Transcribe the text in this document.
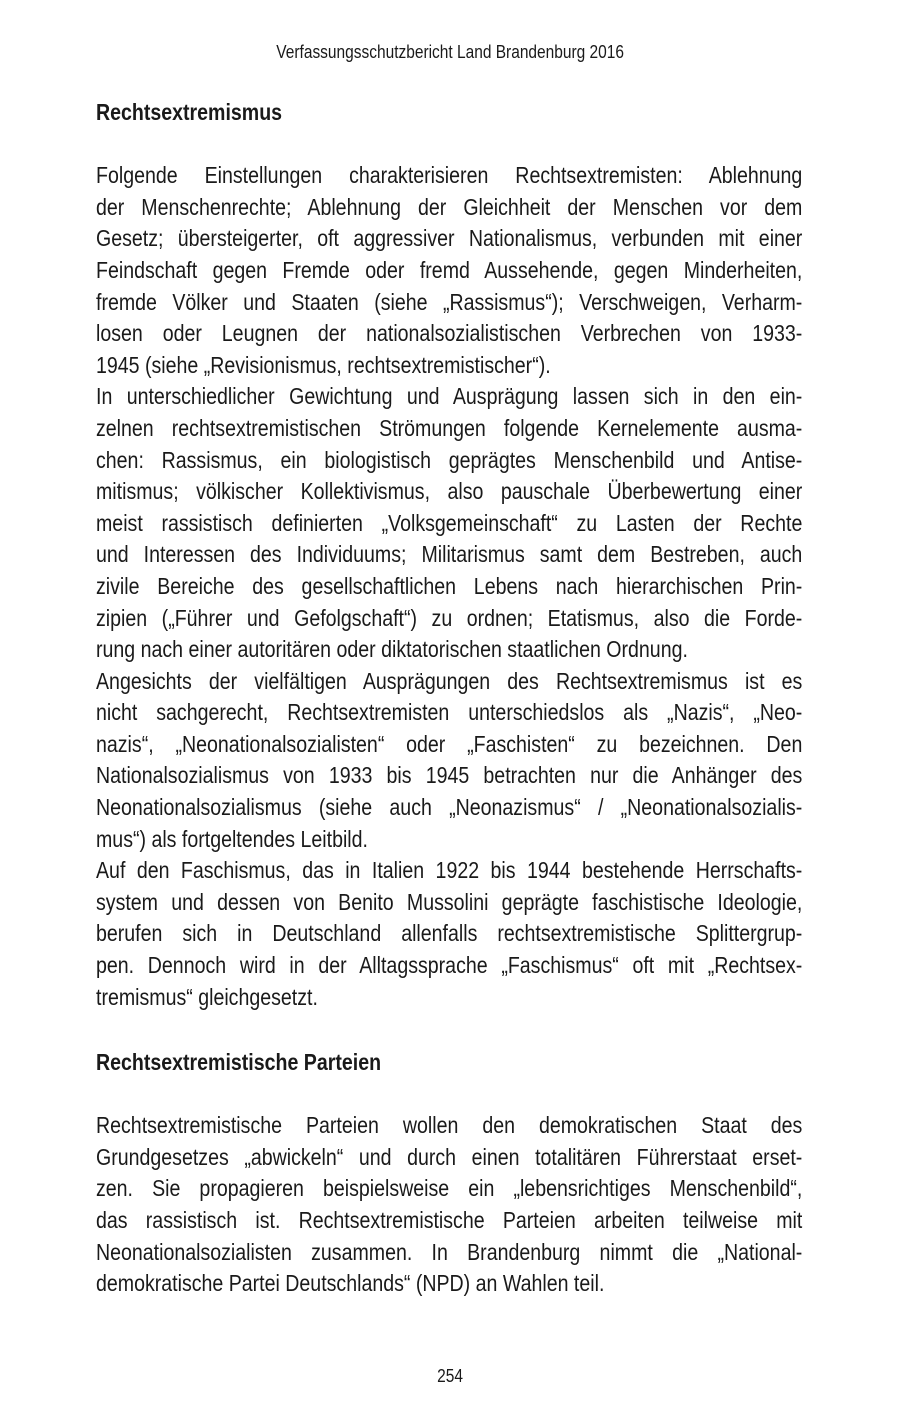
Verfassungsschutzbericht Land Brandenburg 2016
Rechtsextremismus
Folgende Einstellungen charakterisieren Rechtsextremisten: Ablehnung
der Menschenrechte; Ablehnung der Gleichheit der Menschen vor dem
Gesetz; übersteigerter, oft aggressiver Nationalismus, verbunden mit einer
Feindschaft gegen Fremde oder fremd Aussehende, gegen Minderheiten,
fremde Völker und Staaten (siehe „Rassismus“); Verschweigen, Verharm-
losen oder Leugnen der nationalsozialistischen Verbrechen von 1933-
1945 (siehe „Revisionismus, rechtsextremistischer“).
In unterschiedlicher Gewichtung und Ausprägung lassen sich in den ein-
zelnen rechtsextremistischen Strömungen folgende Kernelemente ausma-
chen: Rassismus, ein biologistisch geprägtes Menschenbild und Antise-
mitismus; völkischer Kollektivismus, also pauschale Überbewertung einer
meist rassistisch definierten „Volksgemeinschaft“ zu Lasten der Rechte
und Interessen des Individuums; Militarismus samt dem Bestreben, auch
zivile Bereiche des gesellschaftlichen Lebens nach hierarchischen Prin-
zipien („Führer und Gefolgschaft“) zu ordnen; Etatismus, also die Forde-
rung nach einer autoritären oder diktatorischen staatlichen Ordnung.
Angesichts der vielfältigen Ausprägungen des Rechtsextremismus ist es
nicht sachgerecht, Rechtsextremisten unterschiedslos als „Nazis“, „Neo-
nazis“, „Neonationalsozialisten“ oder „Faschisten“ zu bezeichnen. Den
Nationalsozialismus von 1933 bis 1945 betrachten nur die Anhänger des
Neonationalsozialismus (siehe auch „Neonazismus“ / „Neonationalsozialis-
mus“) als fortgeltendes Leitbild.
Auf den Faschismus, das in Italien 1922 bis 1944 bestehende Herrschafts-
system und dessen von Benito Mussolini geprägte faschistische Ideologie,
berufen sich in Deutschland allenfalls rechtsextremistische Splittergrup-
pen. Dennoch wird in der Alltagssprache „Faschismus“ oft mit „Rechtsex-
tremismus“ gleichgesetzt.
Rechtsextremistische Parteien
Rechtsextremistische Parteien wollen den demokratischen Staat des
Grundgesetzes „abwickeln“ und durch einen totalitären Führerstaat erset-
zen. Sie propagieren beispielsweise ein „lebensrichtiges Menschenbild“,
das rassistisch ist. Rechtsextremistische Parteien arbeiten teilweise mit
Neonationalsozialisten zusammen. In Brandenburg nimmt die „National-
demokratische Partei Deutschlands“ (NPD) an Wahlen teil.
254
